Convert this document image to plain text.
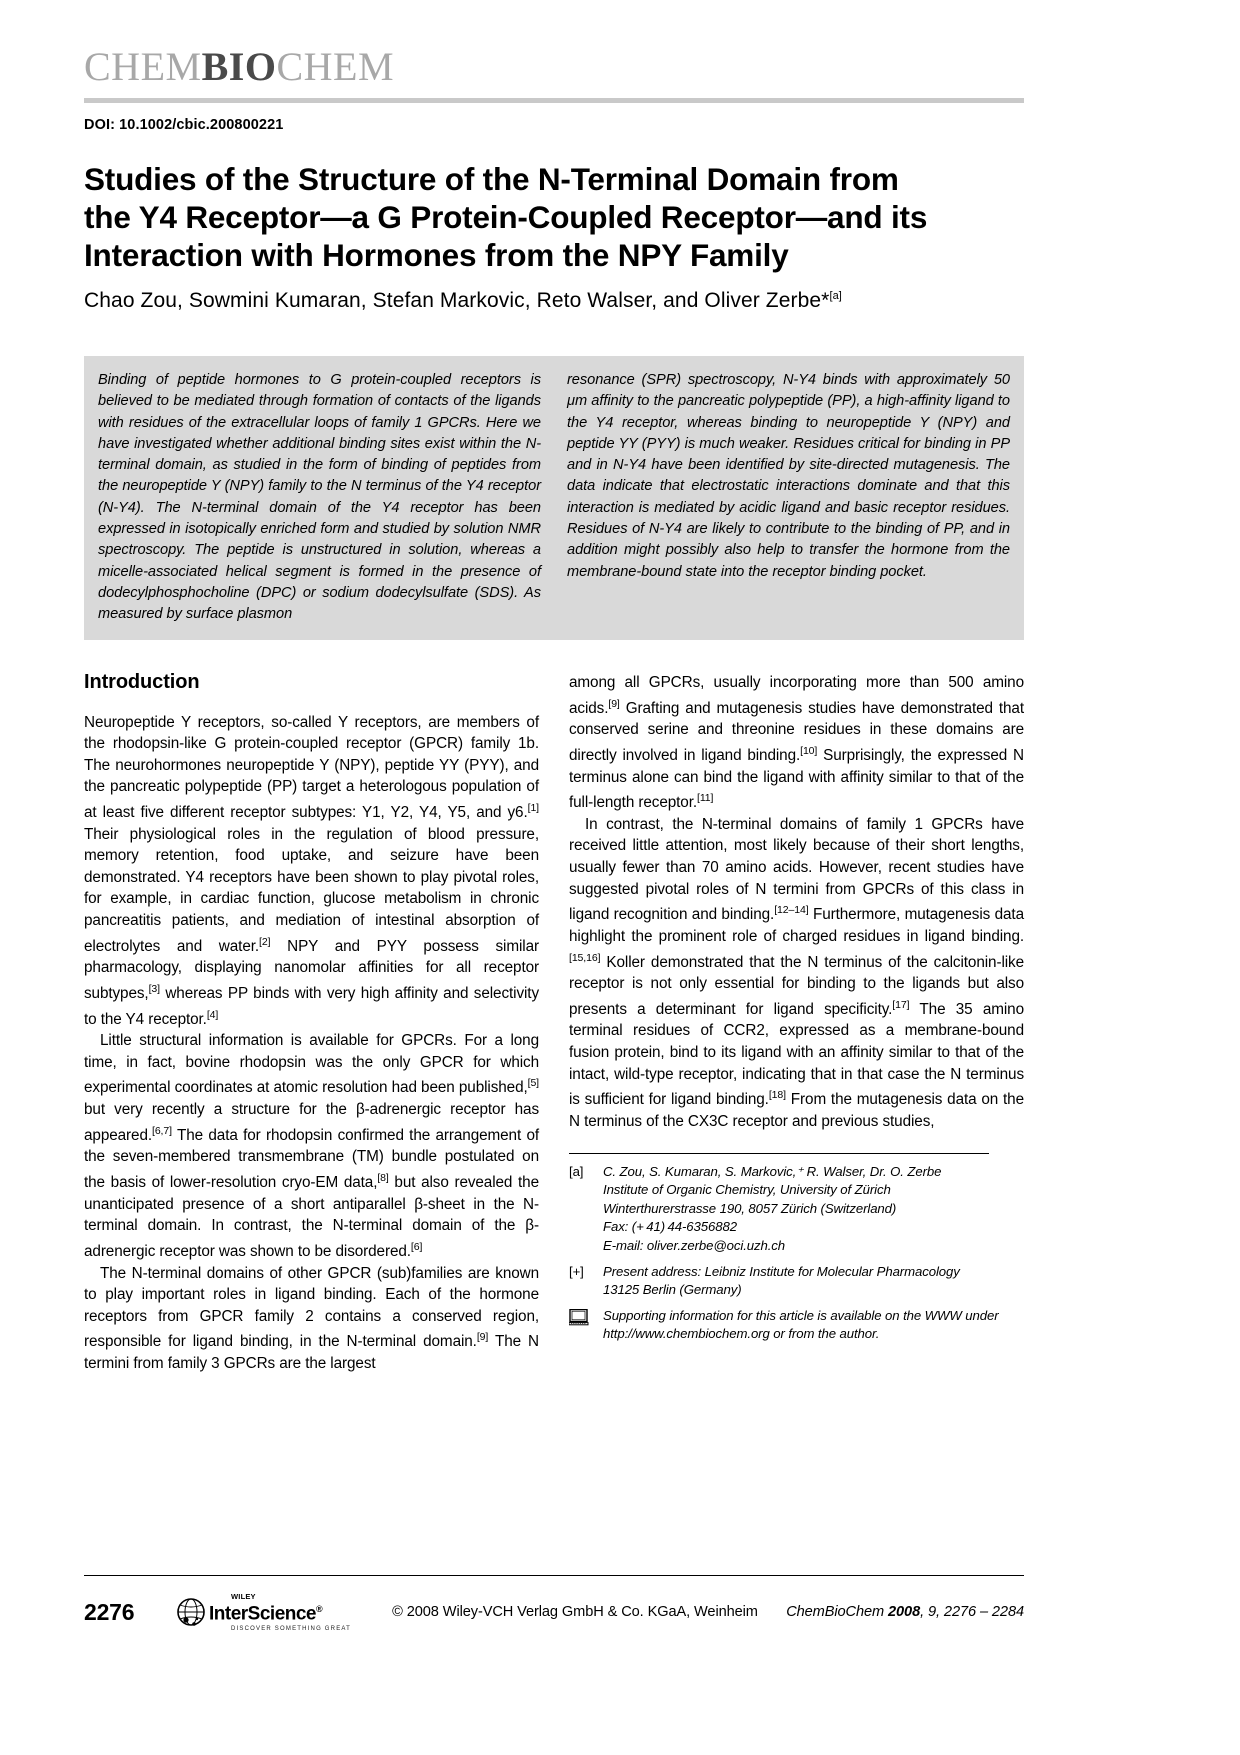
CHEMBIOCHEM
DOI: 10.1002/cbic.200800221
Studies of the Structure of the N-Terminal Domain from
the Y4 Receptor—a G Protein-Coupled Receptor—and its
Interaction with Hormones from the NPY Family
Chao Zou, Sowmini Kumaran, Stefan Markovic, Reto Walser, and Oliver Zerbe*[a]

Binding of peptide hormones to G protein-coupled receptors is believed to be mediated through formation of contacts of the ligands with residues of the extracellular loops of family 1 GPCRs. Here we have investigated whether additional binding sites exist within the N-terminal domain, as studied in the form of binding of peptides from the neuropeptide Y (NPY) family to the N terminus of the Y4 receptor (N-Y4). The N-terminal domain of the Y4 receptor has been expressed in isotopically enriched form and studied by solution NMR spectroscopy. The peptide is unstructured in solution, whereas a micelle-associated helical segment is formed in the presence of dodecylphosphocholine (DPC) or sodium dodecylsulfate (SDS). As measured by surface plasmon

resonance (SPR) spectroscopy, N-Y4 binds with approximately 50 μm affinity to the pancreatic polypeptide (PP), a high-affinity ligand to the Y4 receptor, whereas binding to neuropeptide Y (NPY) and peptide YY (PYY) is much weaker. Residues critical for binding in PP and in N-Y4 have been identified by site-directed mutagenesis. The data indicate that electrostatic interactions dominate and that this interaction is mediated by acidic ligand and basic receptor residues. Residues of N-Y4 are likely to contribute to the binding of PP, and in addition might possibly also help to transfer the hormone from the membrane-bound state into the receptor binding pocket.

Introduction

Neuropeptide Y receptors, so-called Y receptors, are members of the rhodopsin-like G protein-coupled receptor (GPCR) family 1b. The neurohormones neuropeptide Y (NPY), peptide YY (PYY), and the pancreatic polypeptide (PP) target a heterologous population of at least five different receptor subtypes: Y1, Y2, Y4, Y5, and y6.[1] Their physiological roles in the regulation of blood pressure, memory retention, food uptake, and seizure have been demonstrated. Y4 receptors have been shown to play pivotal roles, for example, in cardiac function, glucose metabolism in chronic pancreatitis patients, and mediation of intestinal absorption of electrolytes and water.[2] NPY and PYY possess similar pharmacology, displaying nanomolar affinities for all receptor subtypes,[3] whereas PP binds with very high affinity and selectivity to the Y4 receptor.[4]

Little structural information is available for GPCRs. For a long time, in fact, bovine rhodopsin was the only GPCR for which experimental coordinates at atomic resolution had been published,[5] but very recently a structure for the β-adrenergic receptor has appeared.[6,7] The data for rhodopsin confirmed the arrangement of the seven-membered transmembrane (TM) bundle postulated on the basis of lower-resolution cryo-EM data,[8] but also revealed the unanticipated presence of a short antiparallel β-sheet in the N-terminal domain. In contrast, the N-terminal domain of the β-adrenergic receptor was shown to be disordered.[6]

The N-terminal domains of other GPCR (sub)families are known to play important roles in ligand binding. Each of the hormone receptors from GPCR family 2 contains a conserved region, responsible for ligand binding, in the N-terminal domain.[9] The N termini from family 3 GPCRs are the largest

among all GPCRs, usually incorporating more than 500 amino acids.[9] Grafting and mutagenesis studies have demonstrated that conserved serine and threonine residues in these domains are directly involved in ligand binding.[10] Surprisingly, the expressed N terminus alone can bind the ligand with affinity similar to that of the full-length receptor.[11]

In contrast, the N-terminal domains of family 1 GPCRs have received little attention, most likely because of their short lengths, usually fewer than 70 amino acids. However, recent studies have suggested pivotal roles of N termini from GPCRs of this class in ligand recognition and binding.[12–14] Furthermore, mutagenesis data highlight the prominent role of charged residues in ligand binding.[15,16] Koller demonstrated that the N terminus of the calcitonin-like receptor is not only essential for binding to the ligands but also presents a determinant for ligand specificity.[17] The 35 amino terminal residues of CCR2, expressed as a membrane-bound fusion protein, bind to its ligand with an affinity similar to that of the intact, wild-type receptor, indicating that in that case the N terminus is sufficient for ligand binding.[18] From the mutagenesis data on the N terminus of the CX3C receptor and previous studies,

[a]	C. Zou, S. Kumaran, S. Markovic,⁺ R. Walser, Dr. O. Zerbe
Institute of Organic Chemistry, University of Zürich
Winterthurerstrasse 190, 8057 Zürich (Switzerland)
Fax: (+ 41) 44-6356882
E-mail: oliver.zerbe@oci.uzh.ch
[+]	Present address: Leibniz Institute for Molecular Pharmacology
13125 Berlin (Germany)
Supporting information for this article is available on the WWW under
http://www.chembiochem.org or from the author.
2276
WILEY
InterScience®
DISCOVER SOMETHING GREAT
© 2008 Wiley-VCH Verlag GmbH & Co. KGaA, Weinheim	ChemBioChem 2008, 9, 2276 – 2284
